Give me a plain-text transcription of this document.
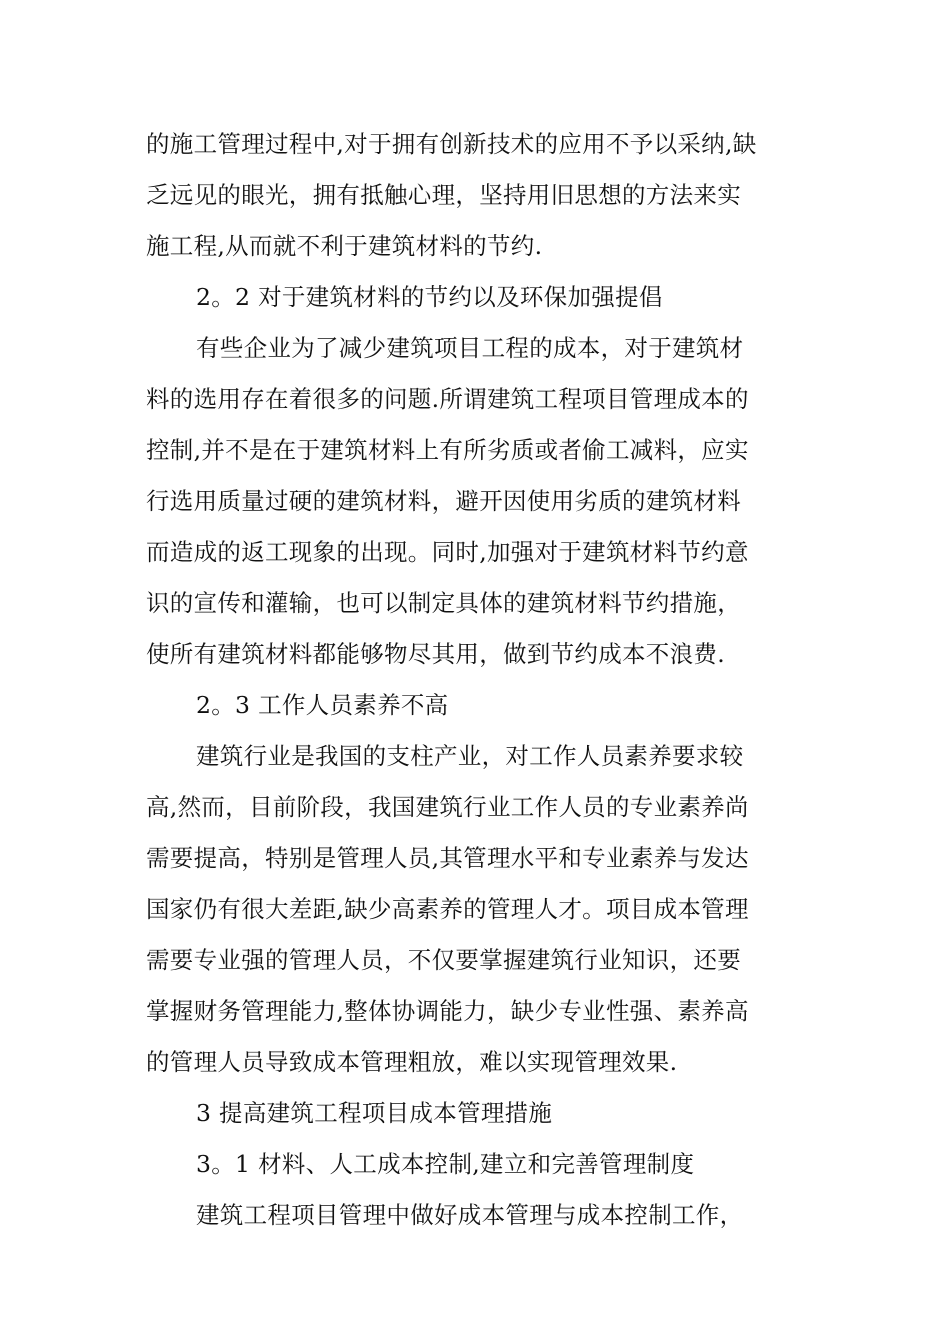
的施工管理过程中,对于拥有创新技术的应用不予以采纳,缺
乏远见的眼光，拥有抵触心理，坚持用旧思想的方法来实
施工程,从而就不利于建筑材料的节约.
2。2 对于建筑材料的节约以及环保加强提倡
有些企业为了减少建筑项目工程的成本，对于建筑材
料的选用存在着很多的问题.所谓建筑工程项目管理成本的
控制,并不是在于建筑材料上有所劣质或者偷工减料，应实
行选用质量过硬的建筑材料，避开因使用劣质的建筑材料
而造成的返工现象的出现。同时,加强对于建筑材料节约意
识的宣传和灌输，也可以制定具体的建筑材料节约措施，
使所有建筑材料都能够物尽其用，做到节约成本不浪费.
2。3 工作人员素养不高
建筑行业是我国的支柱产业，对工作人员素养要求较
高,然而，目前阶段，我国建筑行业工作人员的专业素养尚
需要提高，特别是管理人员,其管理水平和专业素养与发达
国家仍有很大差距,缺少高素养的管理人才。项目成本管理
需要专业强的管理人员，不仅要掌握建筑行业知识，还要
掌握财务管理能力,整体协调能力，缺少专业性强、素养高
的管理人员导致成本管理粗放，难以实现管理效果.
3 提高建筑工程项目成本管理措施
3。1 材料、人工成本控制,建立和完善管理制度
建筑工程项目管理中做好成本管理与成本控制工作，
